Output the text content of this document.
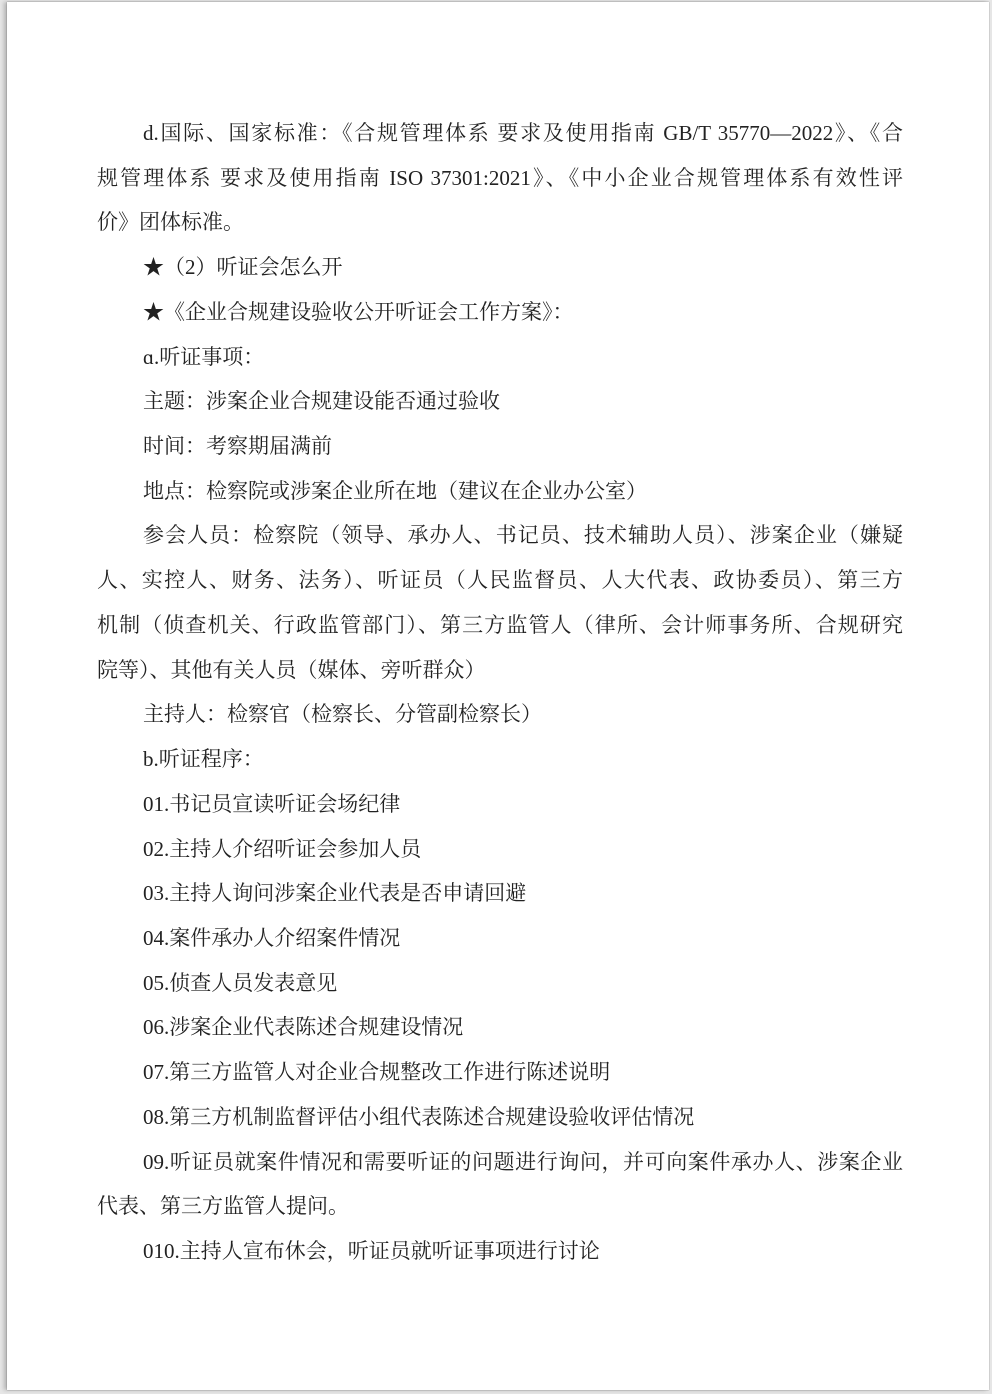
d.国际、国家标准：《合规管理体系 要求及使用指南 GB/T 35770—2022》、《合
规管理体系 要求及使用指南 ISO 37301:2021》、《中小企业合规管理体系有效性评
价》团体标准。
★（2）听证会怎么开
★《企业合规建设验收公开听证会工作方案》：
ɑ.听证事项：
主题：涉案企业合规建设能否通过验收
时间：考察期届满前
地点：检察院或涉案企业所在地（建议在企业办公室）
参会人员：检察院（领导、承办人、书记员、技术辅助人员）、涉案企业（嫌疑
人、实控人、财务、法务）、听证员（人民监督员、人大代表、政协委员）、第三方
机制（侦查机关、行政监管部门）、第三方监管人（律所、会计师事务所、合规研究
院等）、其他有关人员（媒体、旁听群众）
主持人：检察官（检察长、分管副检察长）
b.听证程序：
01.书记员宣读听证会场纪律
02.主持人介绍听证会参加人员
03.主持人询问涉案企业代表是否申请回避
04.案件承办人介绍案件情况
05.侦查人员发表意见
06.涉案企业代表陈述合规建设情况
07.第三方监管人对企业合规整改工作进行陈述说明
08.第三方机制监督评估小组代表陈述合规建设验收评估情况
09.听证员就案件情况和需要听证的问题进行询问，并可向案件承办人、涉案企业
代表、第三方监管人提问。
010.主持人宣布休会，听证员就听证事项进行讨论
